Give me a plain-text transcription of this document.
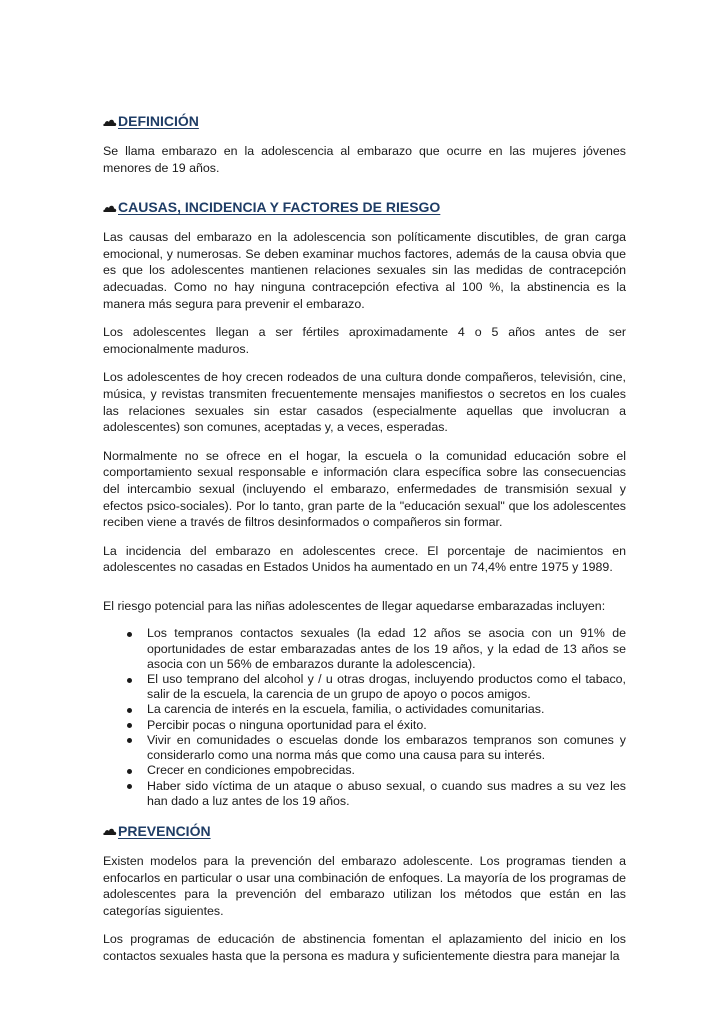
DEFINICIÓN

Se llama embarazo en la adolescencia al embarazo que ocurre en las mujeres jóvenes menores de 19 años.

CAUSAS, INCIDENCIA Y FACTORES DE RIESGO

Las causas del embarazo en la adolescencia son políticamente discutibles, de gran carga emocional, y numerosas. Se deben examinar muchos factores, además de la causa obvia que es que los adolescentes mantienen relaciones sexuales sin las medidas de contracepción adecuadas. Como no hay ninguna contracepción efectiva al 100 %, la abstinencia es la manera más segura para prevenir el embarazo.

Los adolescentes llegan a ser fértiles aproximadamente 4 o 5 años antes de ser emocionalmente maduros.

Los adolescentes de hoy crecen rodeados de una cultura donde compañeros, televisión, cine, música, y revistas transmiten frecuentemente mensajes manifiestos o secretos en los cuales las relaciones sexuales sin estar casados (especialmente aquellas que involucran a adolescentes) son comunes, aceptadas y, a veces, esperadas.

Normalmente no se ofrece en el hogar, la escuela o la comunidad educación sobre el comportamiento sexual responsable e información clara específica sobre las consecuencias del intercambio sexual (incluyendo el embarazo, enfermedades de transmisión sexual y efectos psico-sociales). Por lo tanto, gran parte de la "educación sexual" que los adolescentes reciben viene a través de filtros desinformados o compañeros sin formar.

La incidencia del embarazo en adolescentes crece. El porcentaje de nacimientos en adolescentes no casadas en Estados Unidos ha aumentado en un 74,4% entre 1975 y 1989.

El riesgo potencial para las niñas adolescentes de llegar aquedarse embarazadas incluyen:

Los tempranos contactos sexuales (la edad 12 años se asocia con un 91% de oportunidades de estar embarazadas antes de los 19 años, y la edad de 13 años se asocia con un 56% de embarazos durante la adolescencia).
El uso temprano del alcohol y / u otras drogas, incluyendo productos como el tabaco, salir de la escuela, la carencia de un grupo de apoyo o pocos amigos.
La carencia de interés en la escuela, familia, o actividades comunitarias.
Percibir pocas o ninguna oportunidad para el éxito.
Vivir en comunidades o escuelas donde los embarazos tempranos son comunes y considerarlo como una norma más que como una causa para su interés.
Crecer en condiciones empobrecidas.
Haber sido víctima de un ataque o abuso sexual, o cuando sus madres a su vez les han dado a luz antes de los 19 años.
PREVENCIÓN

Existen modelos para la prevención del embarazo adolescente. Los programas tienden a enfocarlos en particular o usar una combinación de enfoques. La mayoría de los programas de adolescentes para la prevención del embarazo utilizan los métodos que están en las categorías siguientes.

Los programas de educación de abstinencia fomentan el aplazamiento del inicio en los contactos sexuales hasta que la persona es madura y suficientemente diestra para manejar la
